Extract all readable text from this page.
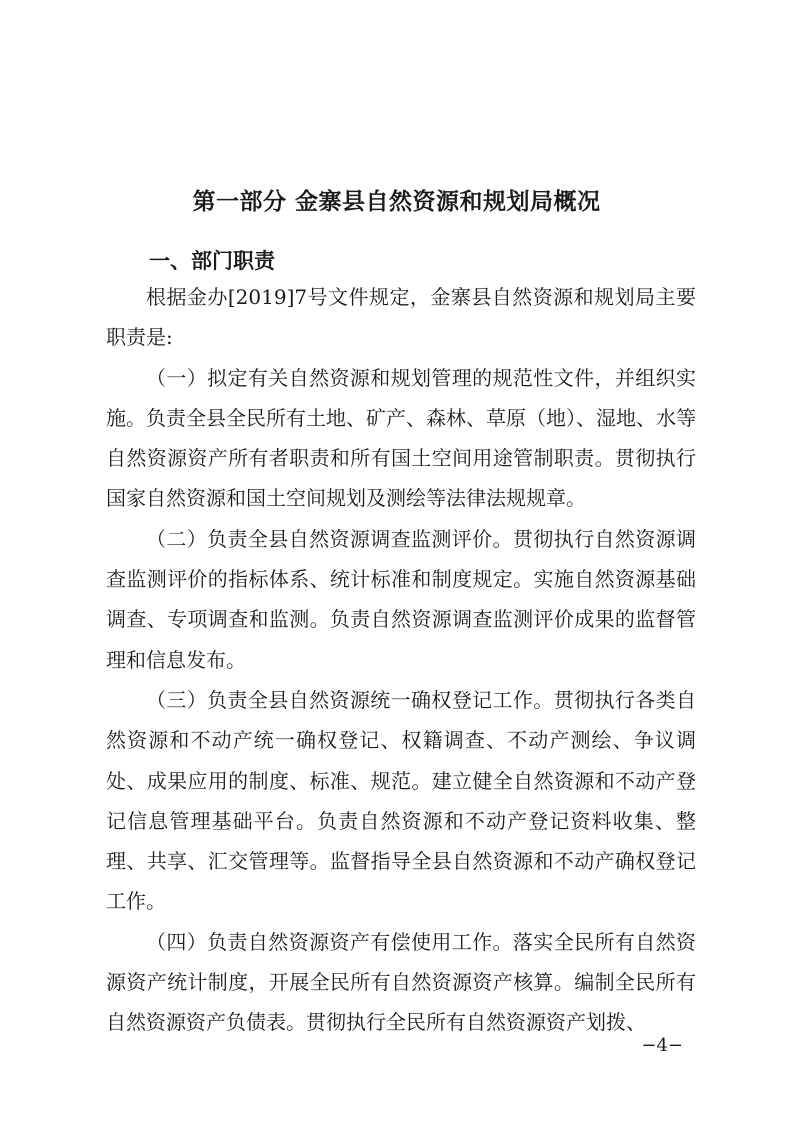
第一部分 金寨县自然资源和规划局概况
一、部门职责

根据金办[2019]7号文件规定，金寨县自然资源和规划局主要职责是:

（一）拟定有关自然资源和规划管理的规范性文件，并组织实施。负责全县全民所有土地、矿产、森林、草原（地）、湿地、水等自然资源资产所有者职责和所有国土空间用途管制职责。贯彻执行国家自然资源和国土空间规划及测绘等法律法规规章。

（二）负责全县自然资源调查监测评价。贯彻执行自然资源调查监测评价的指标体系、统计标准和制度规定。实施自然资源基础调查、专项调查和监测。负责自然资源调查监测评价成果的监督管理和信息发布。

（三）负责全县自然资源统一确权登记工作。贯彻执行各类自然资源和不动产统一确权登记、权籍调查、不动产测绘、争议调处、成果应用的制度、标准、规范。建立健全自然资源和不动产登记信息管理基础平台。负责自然资源和不动产登记资料收集、整理、共享、汇交管理等。监督指导全县自然资源和不动产确权登记工作。

（四）负责自然资源资产有偿使用工作。落实全民所有自然资源资产统计制度，开展全民所有自然资源资产核算。编制全民所有自然资源资产负债表。贯彻执行全民所有自然资源资产划拨、

−4−
